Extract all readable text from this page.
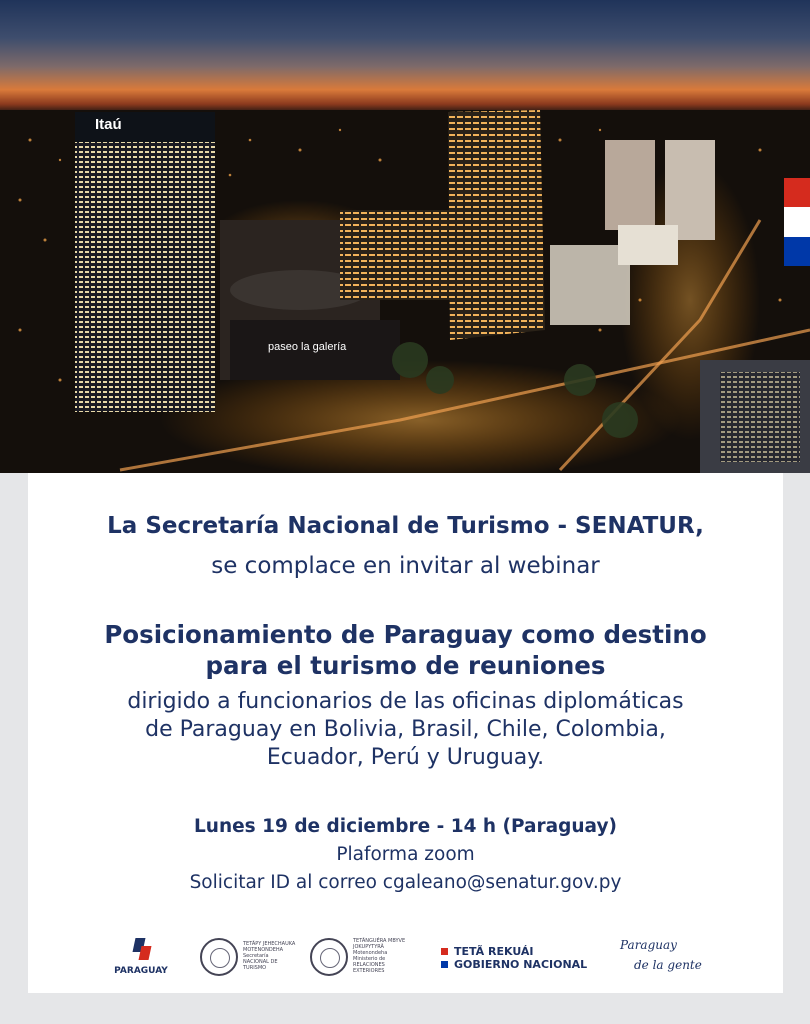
Itaú
paseo la galería
La Secretaría Nacional de Turismo - SENATUR,
se complace en invitar al webinar
Posicionamiento de Paraguay como destino
para el turismo de reuniones
dirigido a funcionarios de las oficinas diplomáticas
de Paraguay en Bolivia, Brasil, Chile, Colombia,
Ecuador, Perú y Uruguay.
Lunes 19 de diciembre - 14 h (Paraguay)
Plaforma zoom
Solicitar ID al correo cgaleano@senatur.gov.py
PARAGUAY
TETÃPY JEHECHAUKA
MOTENONDEHA
Secretaría
NACIONAL DE
TURISMO
TETÃNGUÉRA MBYVE
JOKUPYTYRÃ
Motenondeha
Ministerio de
RELACIONES
EXTERIORES
TETÃ REKUÁI
GOBIERNO NACIONAL
Paraguay
de la gente
